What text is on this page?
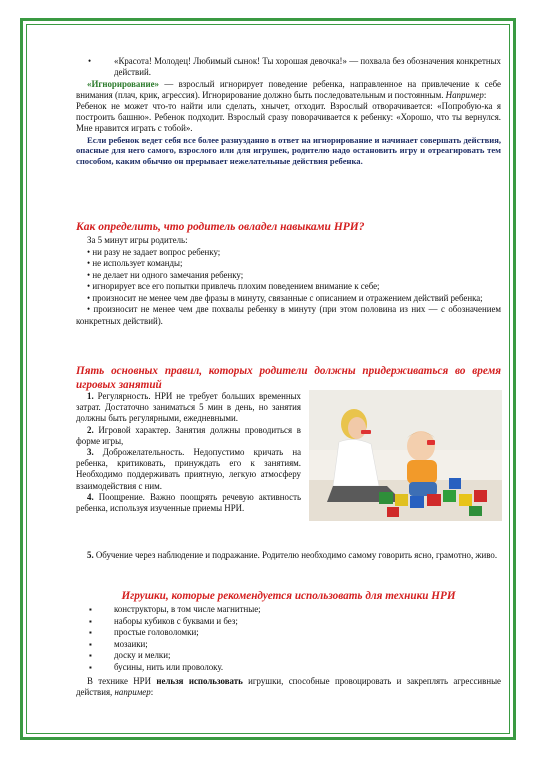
• «Красота! Молодец! Любимый сынок! Ты хорошая девочка!» — похвала без обозначения конкретных действий.

«Игнорирование» — взрослый игнорирует поведение ребенка, направленное на привлечение к себе внимания (плач, крик, агрессия). Игнорирование должно быть последовательным и постоянным. Например:

Ребенок не может что-то найти или сделать, хнычет, отходит. Взрослый отворачивается: «Попробую-ка я построить башню». Ребенок подходит. Взрослый сразу поворачивается к ребенку: «Хорошо, что ты вернулся. Мне нравится играть с тобой».

Если ребенок ведет себя все более разнузданно в ответ на игнорирование и начинает совершать действия, опасные для него самого, взрослого или для игрушек, родителю надо остановить игру и отреагировать тем способом, каким обычно он прерывает нежелательные действия ребенка.

Как определить, что родитель овладел навыками НРИ?

За 5 минут игры родитель:

• ни разу не задает вопрос ребенку;

• не использует команды;

• не делает ни одного замечания ребенку;

• игнорирует все его попытки привлечь плохим поведением внимание к себе;

• произносит не менее чем две фразы в минуту, связанные с описанием и отражением действий ребенка;

• произносит не менее чем две похвалы ребенку в минуту (при этом половина из них — с обозначением конкретных действий).

Пять основных правил, которых родители должны придерживаться во время игровых занятий

1. Регулярность. НРИ не требует больших временных затрат. Достаточно заниматься 5 мин в день, но занятия должны быть регулярными, ежедневными.

2. Игровой характер. Занятия должны проводиться в форме игры,

3. Доброжелательность. Недопустимо кричать на ребенка, критиковать, принуждать его к занятиям. Необходимо поддерживать приятную, легкую атмосферу взаимодействия с ним.

4. Поощрение. Важно поощрять речевую активность ребенка, используя изученные приемы НРИ.

5. Обучение через наблюдение и подражание. Родителю необходимо самому говорить ясно, грамотно, живо.

Игрушки, которые рекомендуется использовать для техники НРИ

▪ конструкторы, в том числе магнитные;

▪ наборы кубиков с буквами и без;

▪ простые головоломки;

▪ мозаики;

▪ доску и мелки;

▪ бусины, нить или проволоку.

В технике НРИ нельзя использовать игрушки, способные провоцировать и закреплять агрессивные действия, например:
